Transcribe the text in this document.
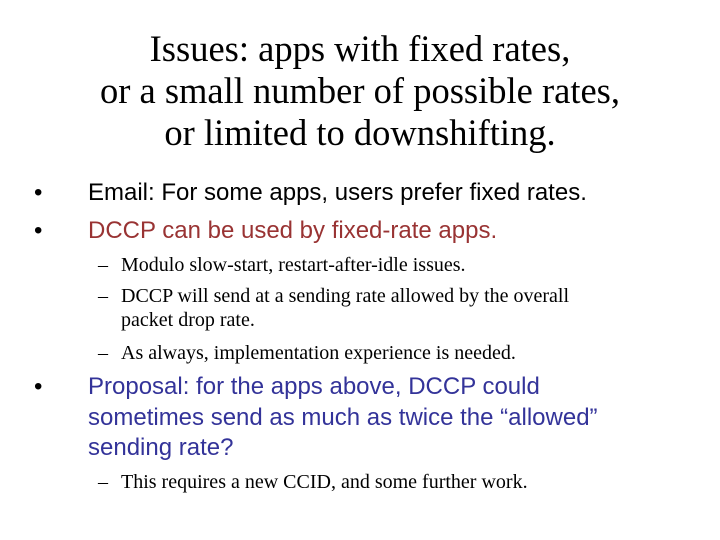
Issues: apps with fixed rates,
or a small number of possible rates,
or limited to downshifting.
• Email: For some apps, users prefer fixed rates.
• DCCP can be used by fixed-rate apps.
– Modulo slow-start, restart-after-idle issues.
– DCCP will send at a sending rate allowed by the overall
packet drop rate.
– As always, implementation experience is needed.
• Proposal: for the apps above, DCCP could
sometimes send as much as twice the “allowed”
sending rate?
– This requires a new CCID, and some further work.
